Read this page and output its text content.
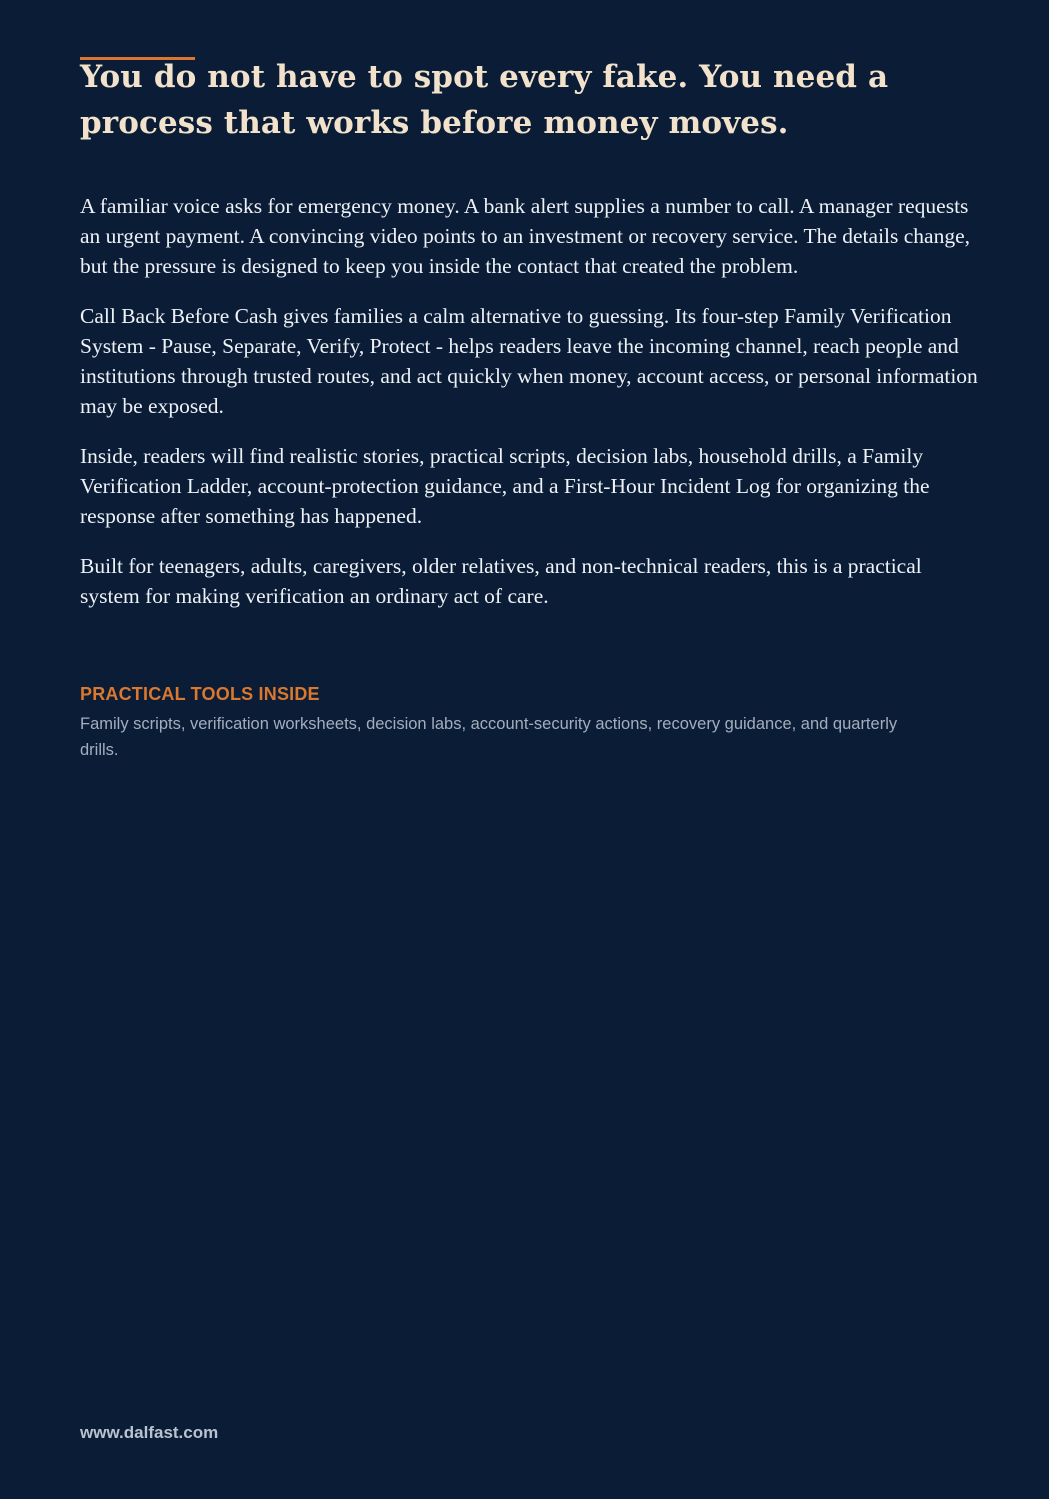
You do not have to spot every fake. You need a process that works before money moves.

A familiar voice asks for emergency money. A bank alert supplies a number to call. A manager requests an urgent payment. A convincing video points to an investment or recovery service. The details change, but the pressure is designed to keep you inside the contact that created the problem.

Call Back Before Cash gives families a calm alternative to guessing. Its four-step Family Verification System - Pause, Separate, Verify, Protect - helps readers leave the incoming channel, reach people and institutions through trusted routes, and act quickly when money, account access, or personal information may be exposed.

Inside, readers will find realistic stories, practical scripts, decision labs, household drills, a Family Verification Ladder, account-protection guidance, and a First-Hour Incident Log for organizing the response after something has happened.

Built for teenagers, adults, caregivers, older relatives, and non-technical readers, this is a practical system for making verification an ordinary act of care.

PRACTICAL TOOLS INSIDE

Family scripts, verification worksheets, decision labs, account-security actions, recovery guidance, and quarterly drills.

www.dalfast.com
